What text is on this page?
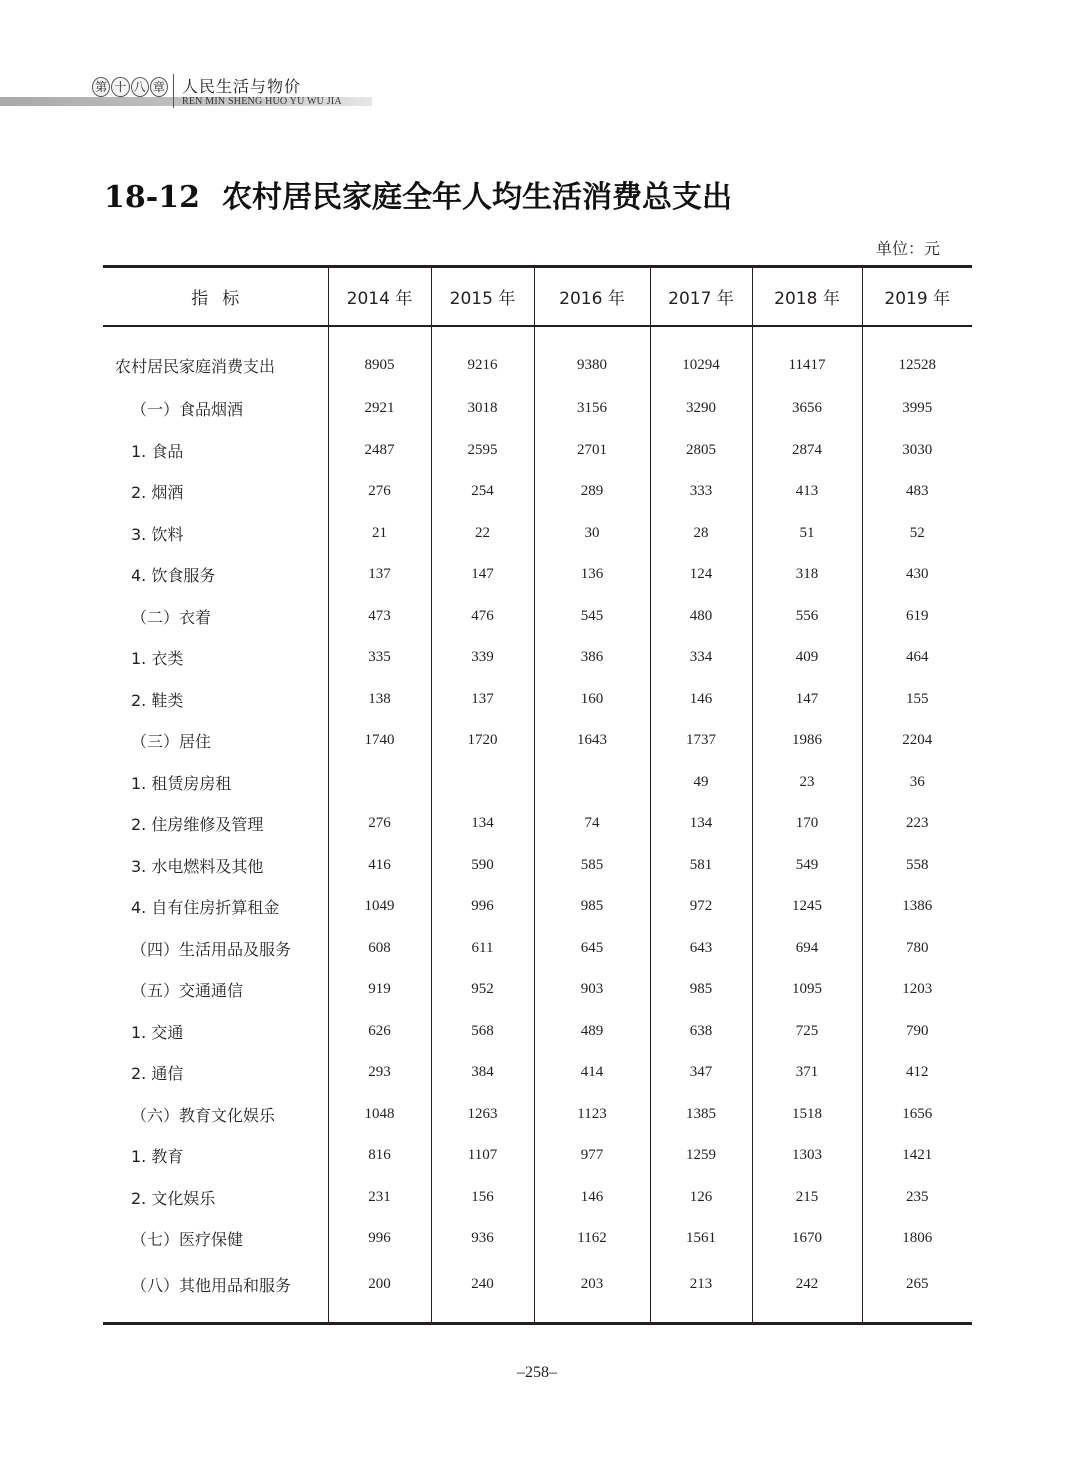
第 十 八 章 人民生活与物价
REN MIN SHENG HUO YU WU JIA
18-12 农村居民家庭全年人均生活消费总支出
单位：元
指标	2014 年	2015 年	2016 年	2017 年	2018 年	2019 年
农村居民家庭消费支出	8905	9216	9380	10294	11417	12528
（一）食品烟酒	2921	3018	3156	3290	3656	3995
1. 食品	2487	2595	2701	2805	2874	3030
2. 烟酒	276	254	289	333	413	483
3. 饮料	21	22	30	28	51	52
4. 饮食服务	137	147	136	124	318	430
（二）衣着	473	476	545	480	556	619
1. 衣类	335	339	386	334	409	464
2. 鞋类	138	137	160	146	147	155
（三）居住	1740	1720	1643	1737	1986	2204
1. 租赁房房租				49	23	36
2. 住房维修及管理	276	134	74	134	170	223
3. 水电燃料及其他	416	590	585	581	549	558
4. 自有住房折算租金	1049	996	985	972	1245	1386
（四）生活用品及服务	608	611	645	643	694	780
（五）交通通信	919	952	903	985	1095	1203
1. 交通	626	568	489	638	725	790
2. 通信	293	384	414	347	371	412
（六）教育文化娱乐	1048	1263	1123	1385	1518	1656
1. 教育	816	1107	977	1259	1303	1421
2. 文化娱乐	231	156	146	126	215	235
（七）医疗保健	996	936	1162	1561	1670	1806
（八）其他用品和服务	200	240	203	213	242	265
–258–
